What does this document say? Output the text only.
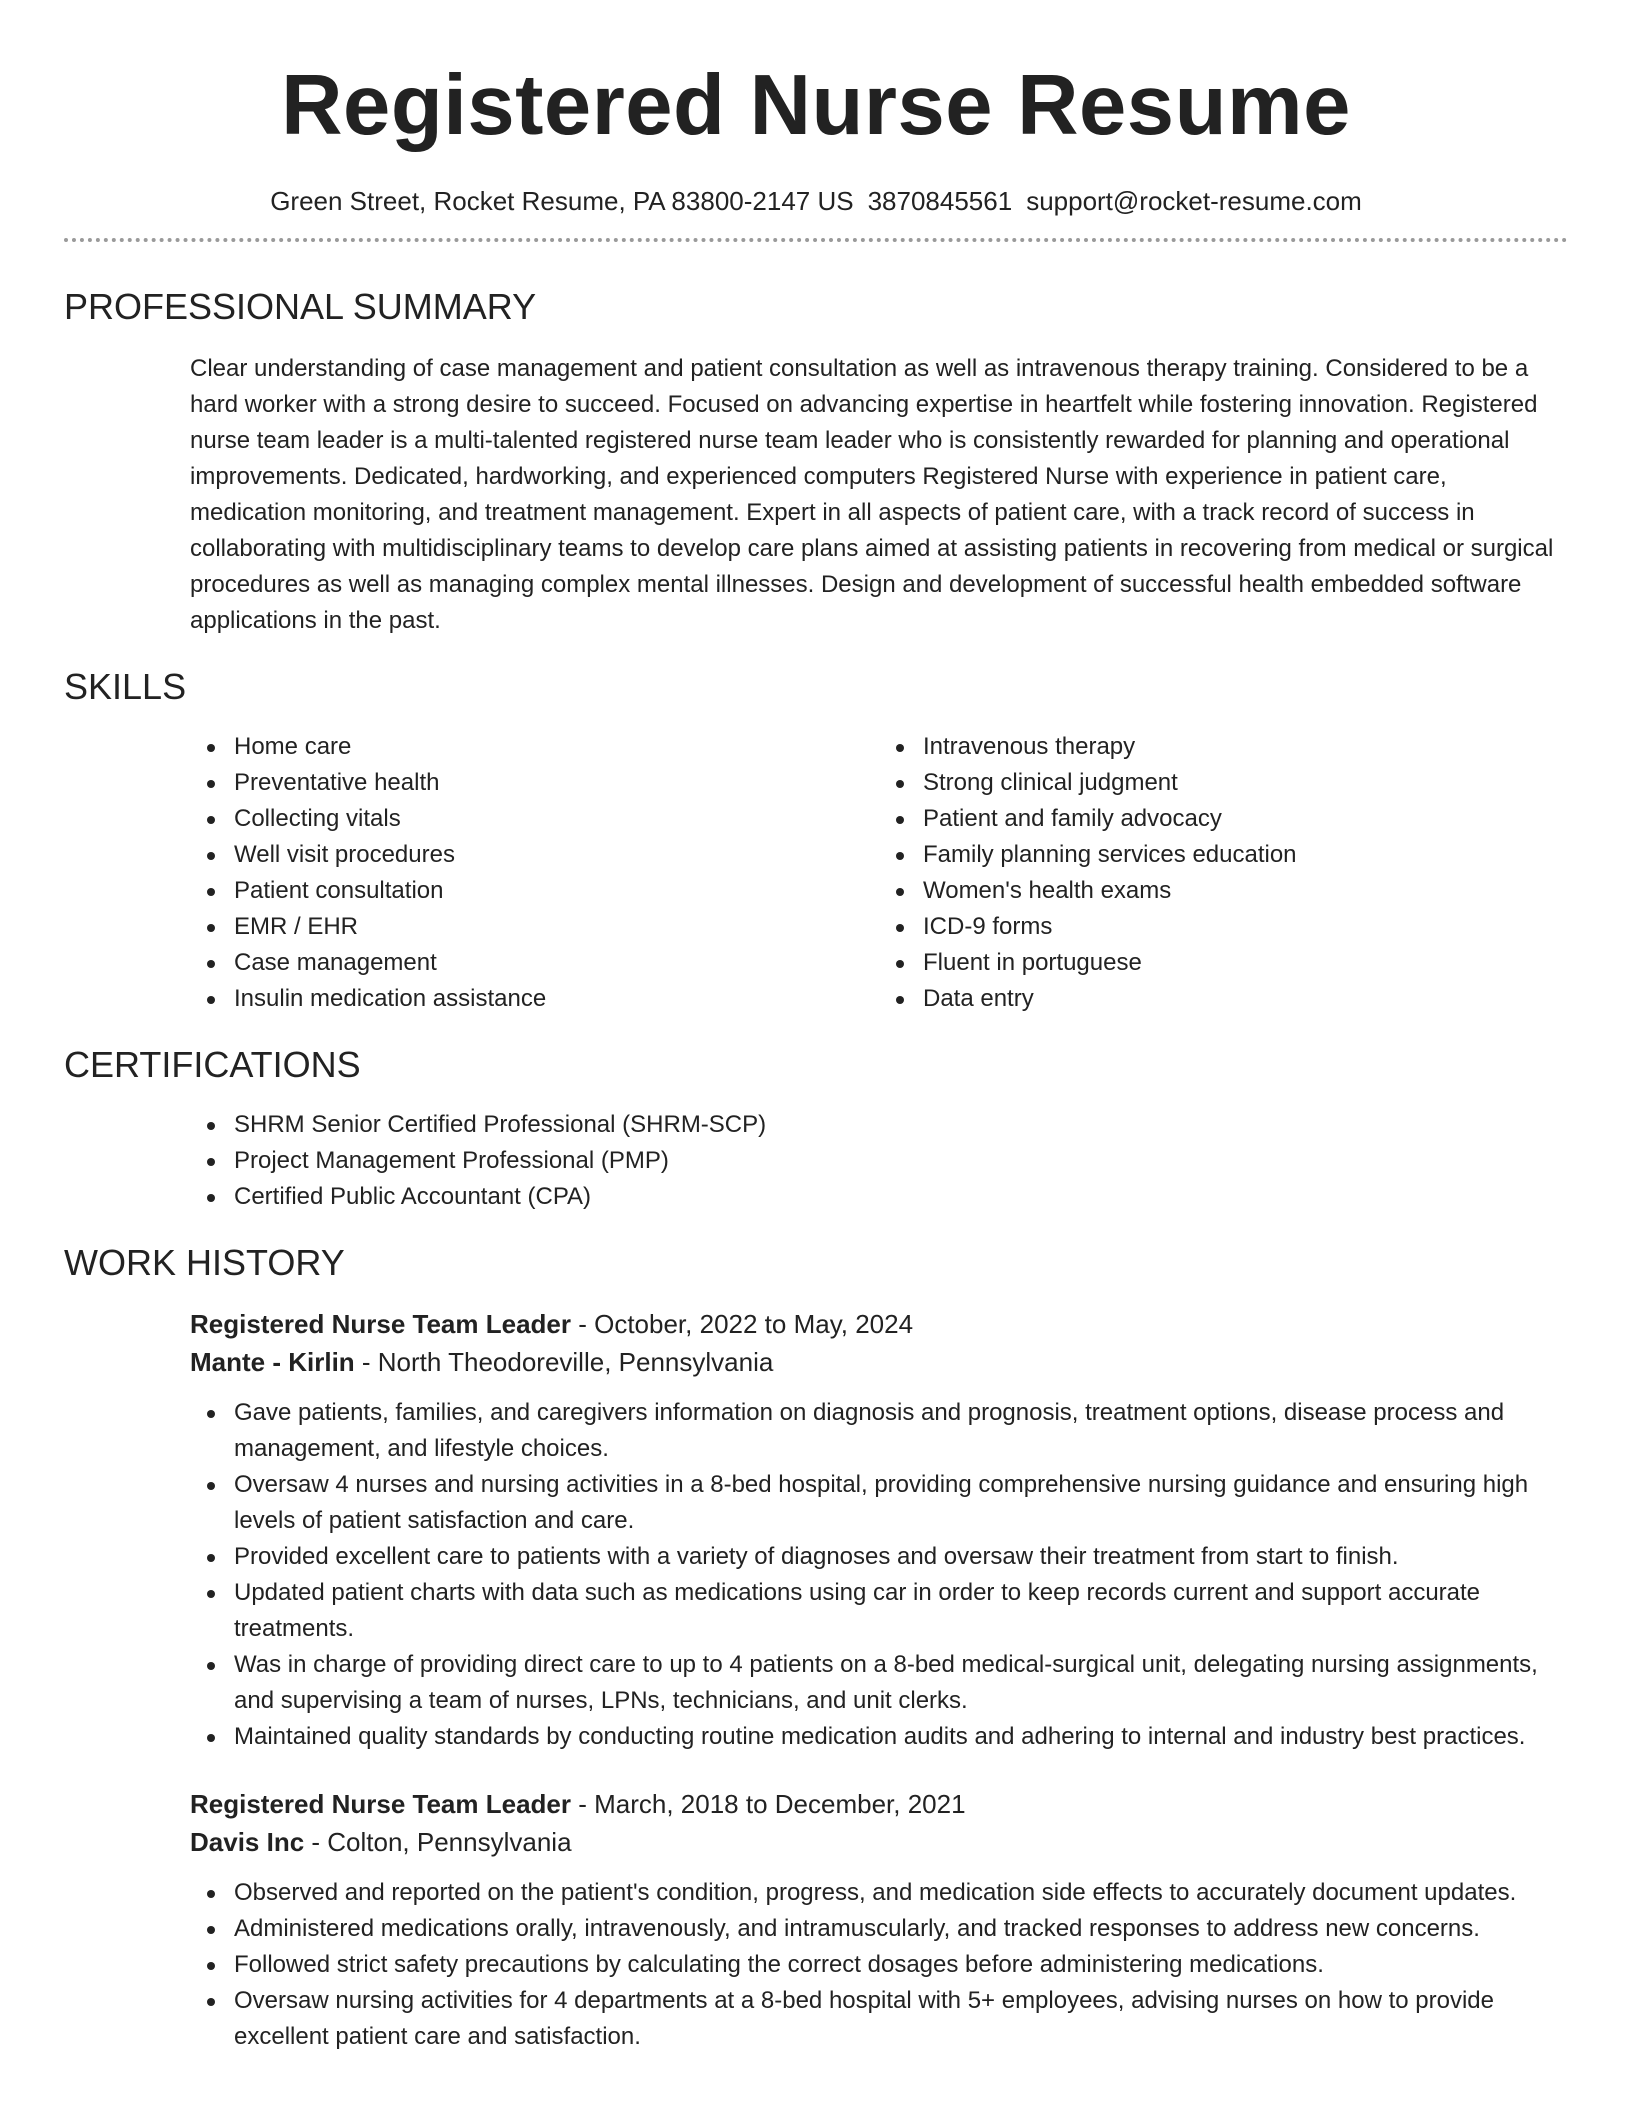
Registered Nurse Resume
Green Street, Rocket Resume, PA 83800-2147 US 3870845561 support@rocket-resume.com
PROFESSIONAL SUMMARY

Clear understanding of case management and patient consultation as well as intravenous therapy training. Considered to be a hard worker with a strong desire to succeed. Focused on advancing expertise in heartfelt while fostering innovation. Registered nurse team leader is a multi-talented registered nurse team leader who is consistently rewarded for planning and operational improvements. Dedicated, hardworking, and experienced computers Registered Nurse with experience in patient care, medication monitoring, and treatment management. Expert in all aspects of patient care, with a track record of success in collaborating with multidisciplinary teams to develop care plans aimed at assisting patients in recovering from medical or surgical procedures as well as managing complex mental illnesses. Design and development of successful health embedded software applications in the past.

SKILLS
Home care
Preventative health
Collecting vitals
Well visit procedures
Patient consultation
EMR / EHR
Case management
Insulin medication assistance
Intravenous therapy
Strong clinical judgment
Patient and family advocacy
Family planning services education
Women's health exams
ICD-9 forms
Fluent in portuguese
Data entry
CERTIFICATIONS
SHRM Senior Certified Professional (SHRM-SCP)
Project Management Professional (PMP)
Certified Public Accountant (CPA)
WORK HISTORY
Registered Nurse Team Leader - October, 2022 to May, 2024
Mante - Kirlin - North Theodoreville, Pennsylvania
Gave patients, families, and caregivers information on diagnosis and prognosis, treatment options, disease process and management, and lifestyle choices.
Oversaw 4 nurses and nursing activities in a 8-bed hospital, providing comprehensive nursing guidance and ensuring high levels of patient satisfaction and care.
Provided excellent care to patients with a variety of diagnoses and oversaw their treatment from start to finish.
Updated patient charts with data such as medications using car in order to keep records current and support accurate treatments.
Was in charge of providing direct care to up to 4 patients on a 8-bed medical-surgical unit, delegating nursing assignments, and supervising a team of nurses, LPNs, technicians, and unit clerks.
Maintained quality standards by conducting routine medication audits and adhering to internal and industry best practices.
Registered Nurse Team Leader - March, 2018 to December, 2021
Davis Inc - Colton, Pennsylvania
Observed and reported on the patient's condition, progress, and medication side effects to accurately document updates.
Administered medications orally, intravenously, and intramuscularly, and tracked responses to address new concerns.
Followed strict safety precautions by calculating the correct dosages before administering medications.
Oversaw nursing activities for 4 departments at a 8-bed hospital with 5+ employees, advising nurses on how to provide excellent patient care and satisfaction.
